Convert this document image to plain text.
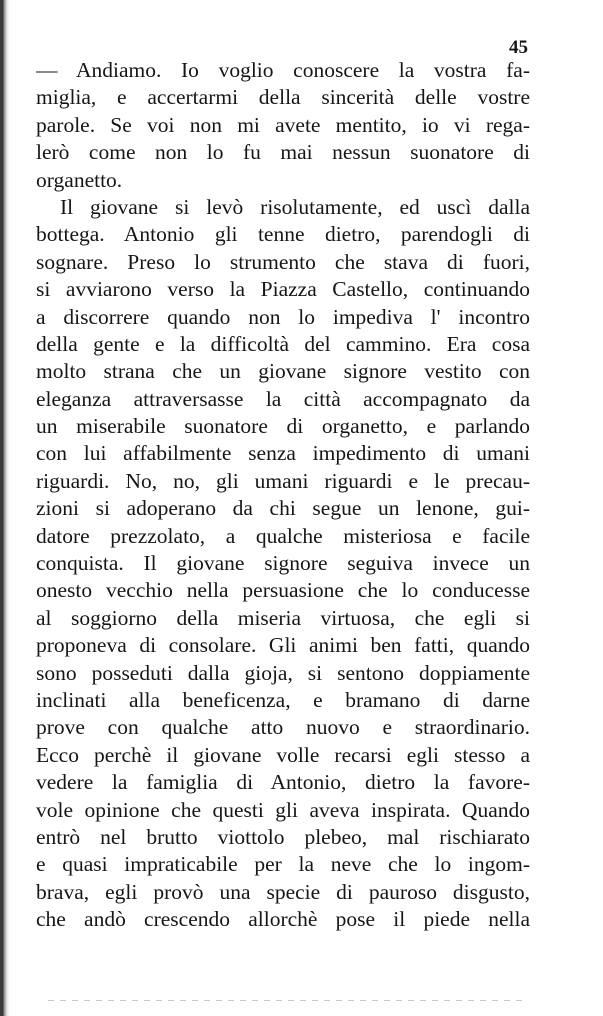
45
— Andiamo. Io voglio conoscere la vostra fa-
miglia, e accertarmi della sincerità delle vostre
parole. Se voi non mi avete mentito, io vi rega-
lerò come non lo fu mai nessun suonatore di
organetto.
Il giovane si levò risolutamente, ed uscì dalla
bottega. Antonio gli tenne dietro, parendogli di
sognare. Preso lo strumento che stava di fuori,
si avviarono verso la Piazza Castello, continuando
a discorrere quando non lo impediva l' incontro
della gente e la difficoltà del cammino. Era cosa
molto strana che un giovane signore vestito con
eleganza attraversasse la città accompagnato da
un miserabile suonatore di organetto, e parlando
con lui affabilmente senza impedimento di umani
riguardi. No, no, gli umani riguardi e le precau-
zioni si adoperano da chi segue un lenone, gui-
datore prezzolato, a qualche misteriosa e facile
conquista. Il giovane signore seguiva invece un
onesto vecchio nella persuasione che lo conducesse
al soggiorno della miseria virtuosa, che egli si
proponeva di consolare. Gli animi ben fatti, quando
sono posseduti dalla gioja, si sentono doppiamente
inclinati alla beneficenza, e bramano di darne
prove con qualche atto nuovo e straordinario.
Ecco perchè il giovane volle recarsi egli stesso a
vedere la famiglia di Antonio, dietro la favore-
vole opinione che questi gli aveva inspirata. Quando
entrò nel brutto viottolo plebeo, mal rischiarato
e quasi impraticabile per la neve che lo ingom-
brava, egli provò una specie di pauroso disgusto,
che andò crescendo allorchè pose il piede nella
